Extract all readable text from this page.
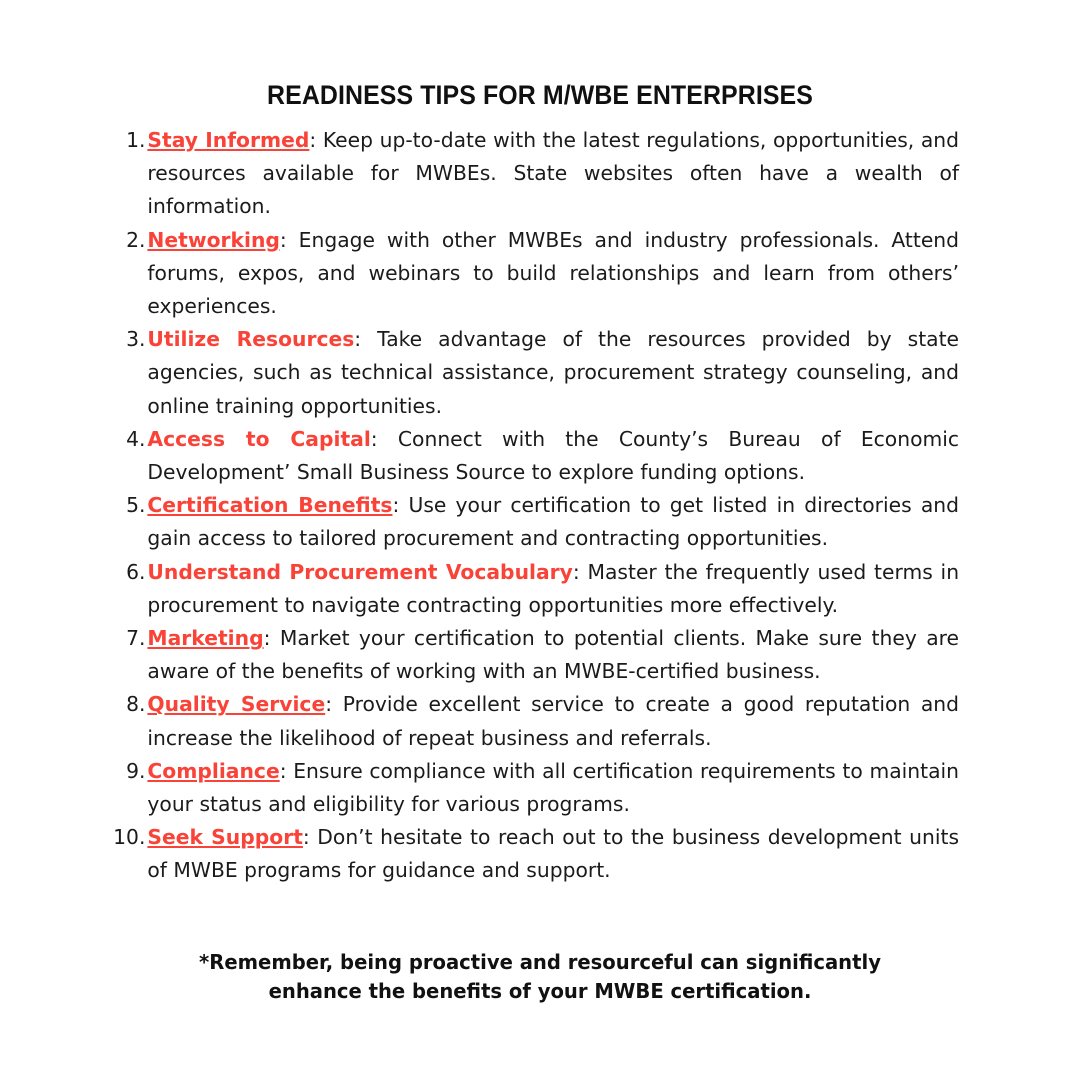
READINESS TIPS FOR M/WBE ENTERPRISES
1. Stay Informed: Keep up-to-date with the latest regulations, opportunities, and resources available for MWBEs. State websites often have a wealth of information.
2. Networking: Engage with other MWBEs and industry professionals. Attend forums, expos, and webinars to build relationships and learn from others’ experiences.
3. Utilize Resources: Take advantage of the resources provided by state agencies, such as technical assistance, procurement strategy counseling, and online training opportunities.
4. Access to Capital: Connect with the County’s Bureau of Economic Development’ Small Business Source to explore funding options.
5. Certification Benefits: Use your certification to get listed in directories and gain access to tailored procurement and contracting opportunities.
6. Understand Procurement Vocabulary: Master the frequently used terms in procurement to navigate contracting opportunities more effectively.
7. Marketing: Market your certification to potential clients. Make sure they are aware of the benefits of working with an MWBE-certified business.
8. Quality Service: Provide excellent service to create a good reputation and increase the likelihood of repeat business and referrals.
9. Compliance: Ensure compliance with all certification requirements to maintain your status and eligibility for various programs.
10. Seek Support: Don’t hesitate to reach out to the business development units of MWBE programs for guidance and support.
*Remember, being proactive and resourceful can significantly enhance the benefits of your MWBE certification.
